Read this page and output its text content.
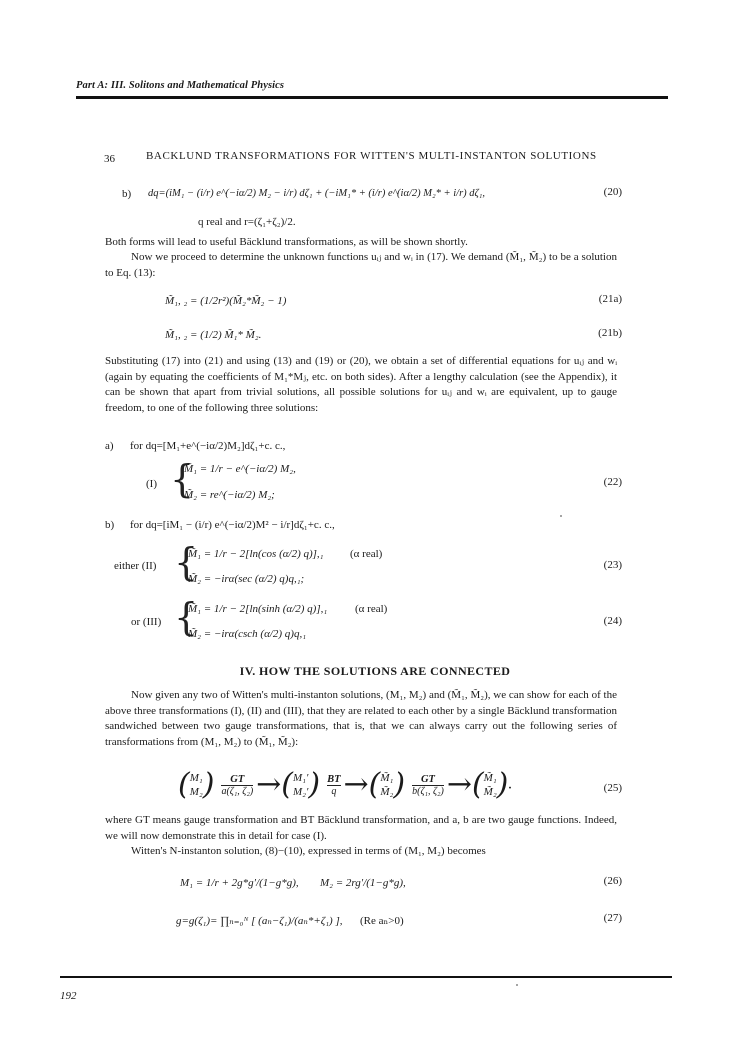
Part A: III. Solitons and Mathematical Physics
36	BACKLUND TRANSFORMATIONS FOR WITTEN'S MULTI-INSTANTON SOLUTIONS
b) dq=(iM₁ − (i/r) e^(−iα/2) M₂ − i/r) dζ₁ + (−iM₁* + (i/r) e^(iα/2) M₂* + i/r) dζ₁,	(20)
q real and r=(ζ₁+ζ₂)/2.
Both forms will lead to useful Bäcklund transformations, as will be shown shortly.
Now we proceed to determine the unknown functions uᵢⱼ and wᵢ in (17). We demand (M̃₁, M̃₂) to be a solution to Eq. (13):
M̃₁, ₂ = (1/2r²)(M̃₂*M̃₂ − 1)	(21a)
M̃₁, ₂ = (1/2) M̃₁* M̃₂.	(21b)
Substituting (17) into (21) and using (13) and (19) or (20), we obtain a set of differential equations for uᵢⱼ and wᵢ (again by equating the coefficients of M₁*Mⱼ, etc. on both sides). After a lengthy calculation (see the Appendix), it can be shown that apart from trivial solutions, all possible solutions for uᵢⱼ and wᵢ are equivalent, up to gauge freedom, to one of the following three solutions:
a) for dq=[M₁+e^(−iα/2)M₂]dζ₁+c. c.,
(I) {
M̃₁ = 1/r − e^(−iα/2) M₂,
M̃₂ = re^(−iα/2) M₂;
(22)
b) for dq=[iM₁ − (i/r) e^(−iα/2)M² − i/r]dζ₁+c. c.,
either (II) {
M̃₁ = 1/r − 2[ln(cos (α/2) q)],₁
M̃₂ = −irα(sec (α/2) q)q,₁;
(α real)
(23)
or (III) {
M̃₁ = 1/r − 2[ln(sinh (α/2) q)],₁
M̃₂ = −irα(csch (α/2) q)q,₁
(α real)
(24)
IV. HOW THE SOLUTIONS ARE CONNECTED
Now given any two of Witten's multi-instanton solutions, (M₁, M₂) and (M̃₁, M̃₂), we can show for each of the above three transformations (I), (II) and (III), that they are related to each other by a single Bäcklund transformation sandwiched between two gauge transformations, that is, that we can always carry out the following series of transformations from (M₁, M₂) to (M̃₁, M̃₂):
( M₁
M₂ ) $\frac{GT}{\text{a(ζ₁, ζ₂)}}$ →( M₁′
M₂′ ) $\frac{BT}{q}$ →( M̃₁
M̃₂ ) $\frac{GT}{\text{b(ζ₁, ζ₂)}}$ →( M̃₁
M̃₂ ).	(25)
where GT means gauge transformation and BT Bäcklund transformation, and a, b are two gauge functions. Indeed, we will now demonstrate this in detail for case (I).
Witten's N-instanton solution, (8)−(10), expressed in terms of (M₁, M₂) becomes
M₁ = 1/r + 2g*g′/(1−g*g), M₂ = 2rg′/(1−g*g),	(26)
g=g(ζ₁)= ∏ₙ₌₀ᴺ [ (aₙ−ζ₁)/(aₙ*+ζ₁) ], (Re aₙ>0)	(27)
192
